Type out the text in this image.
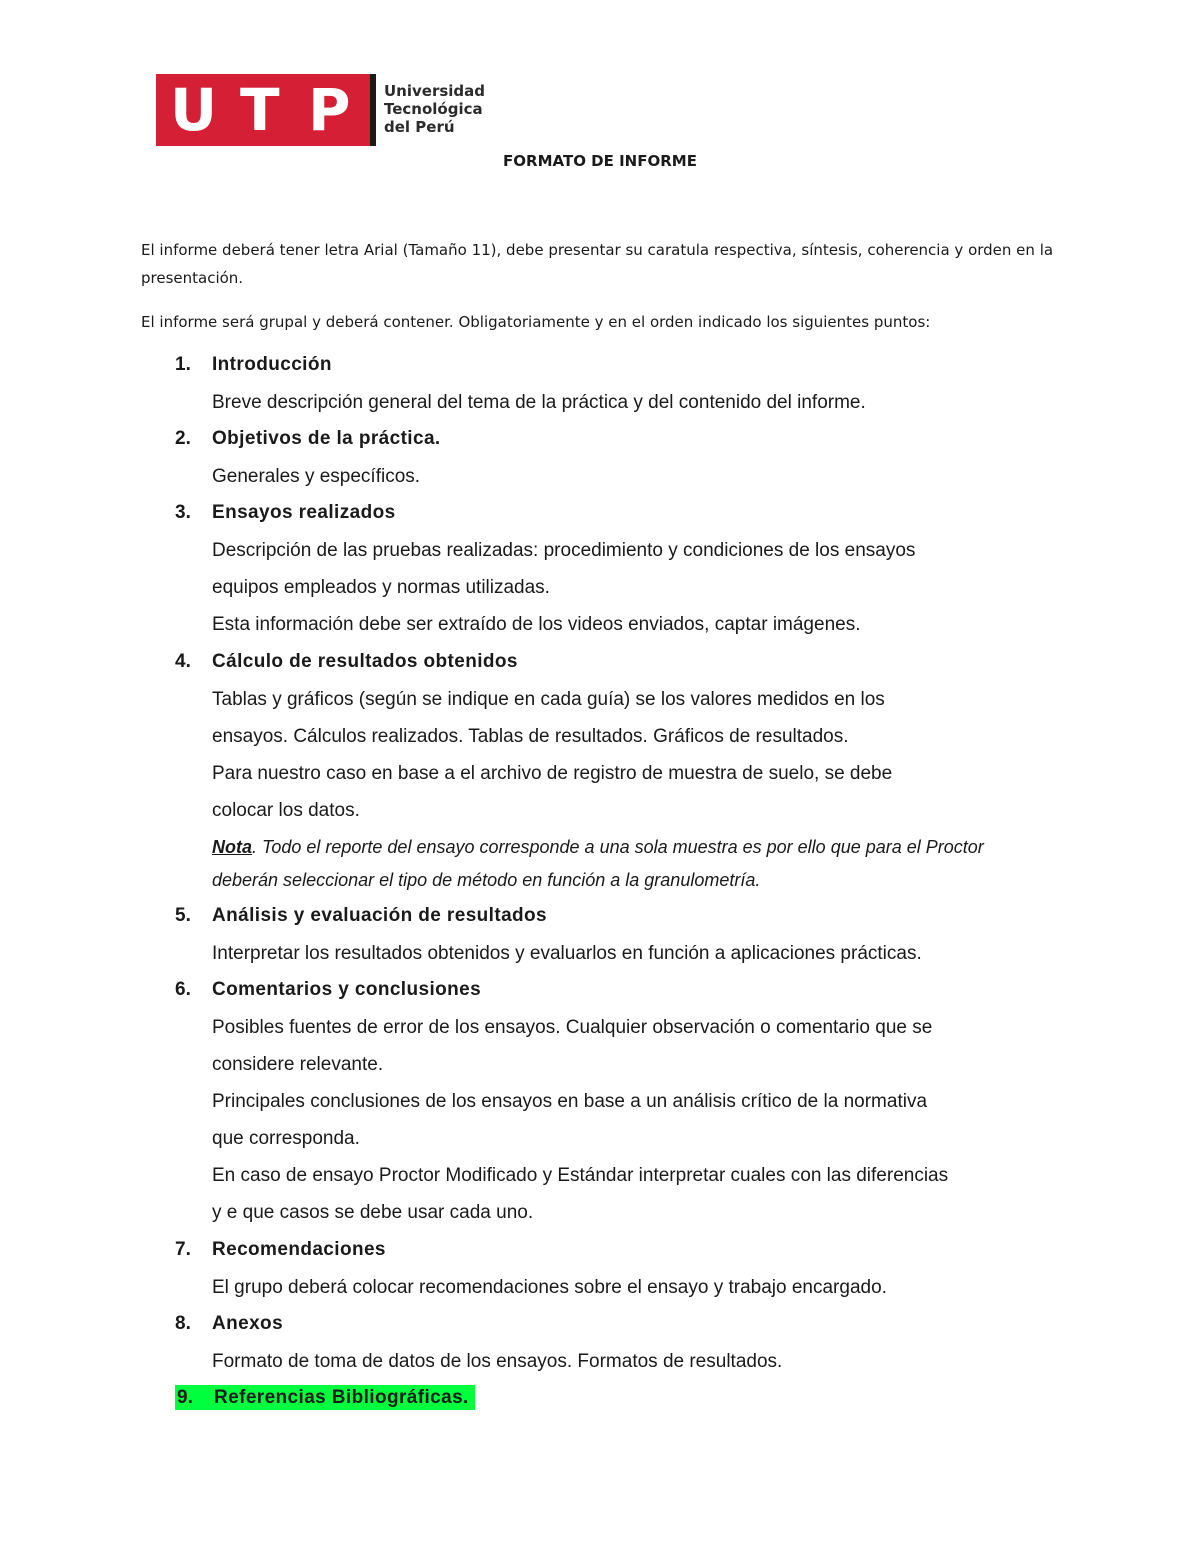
U T P Universidad
Tecnológica
del Perú
FORMATO DE INFORME
El informe deberá tener letra Arial (Tamaño 11), debe presentar su caratula respectiva, síntesis, coherencia y orden en la presentación.
El informe será grupal y deberá contener. Obligatoriamente y en el orden indicado los siguientes puntos:
1. Introducción
Breve descripción general del tema de la práctica y del contenido del informe.
2. Objetivos de la práctica.
Generales y específicos.
3. Ensayos realizados
Descripción de las pruebas realizadas: procedimiento y condiciones de los ensayos
equipos empleados y normas utilizadas.
Esta información debe ser extraído de los videos enviados, captar imágenes.
4. Cálculo de resultados obtenidos
Tablas y gráficos (según se indique en cada guía) se los valores medidos en los
ensayos. Cálculos realizados. Tablas de resultados. Gráficos de resultados.
Para nuestro caso en base a el archivo de registro de muestra de suelo, se debe
colocar los datos.
Nota. Todo el reporte del ensayo corresponde a una sola muestra es por ello que para el Proctor
deberán seleccionar el tipo de método en función a la granulometría.
5. Análisis y evaluación de resultados
Interpretar los resultados obtenidos y evaluarlos en función a aplicaciones prácticas.
6. Comentarios y conclusiones
Posibles fuentes de error de los ensayos. Cualquier observación o comentario que se
considere relevante.
Principales conclusiones de los ensayos en base a un análisis crítico de la normativa
que corresponda.
En caso de ensayo Proctor Modificado y Estándar interpretar cuales con las diferencias
y e que casos se debe usar cada uno.
7. Recomendaciones
El grupo deberá colocar recomendaciones sobre el ensayo y trabajo encargado.
8. Anexos
Formato de toma de datos de los ensayos. Formatos de resultados.
9. Referencias Bibliográficas.
